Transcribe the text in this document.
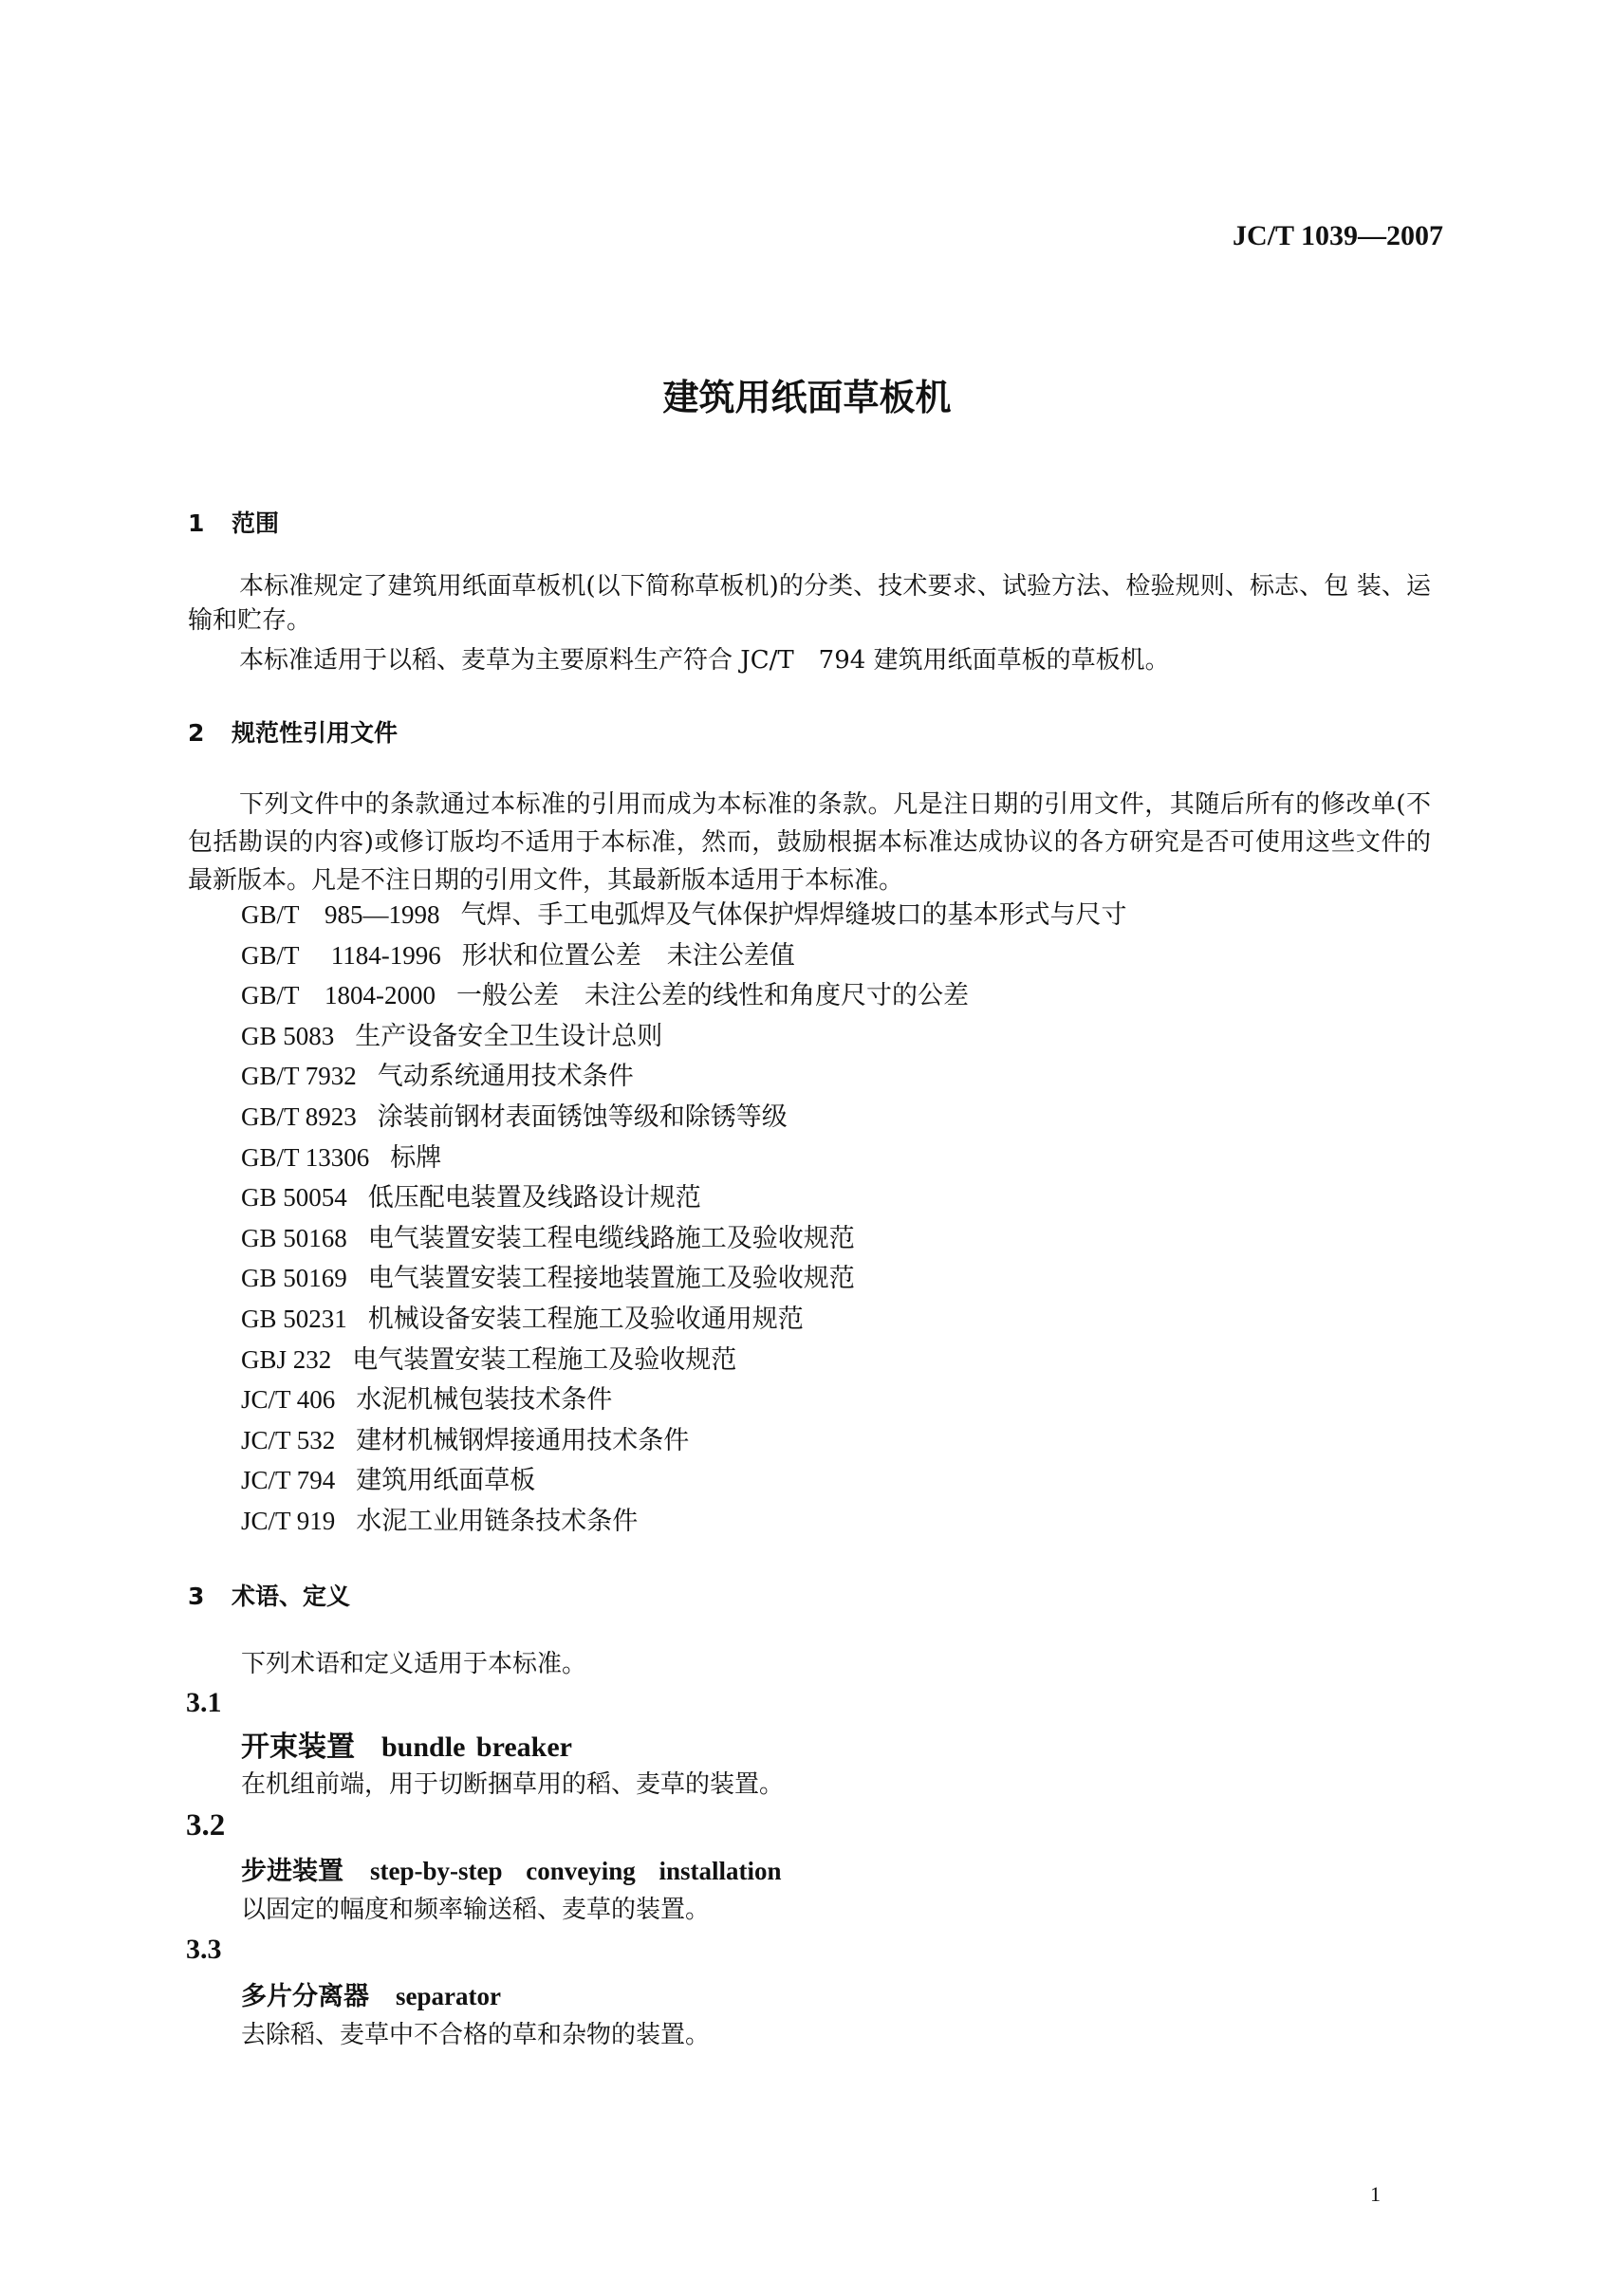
JC/T 1039—2007
建筑用纸面草板机
1 范围
本标准规定了建筑用纸面草板机(以下简称草板机)的分类、技术要求、试验方法、检验规则、标志、包 装、运输和贮存。
本标准适用于以稻、麦草为主要原料生产符合 JC/T　794 建筑用纸面草板的草板机。
2 规范性引用文件
下列文件中的条款通过本标准的引用而成为本标准的条款。凡是注日期的引用文件，其随后所有的修改单(不包括勘误的内容)或修订版均不适用于本标准，然而，鼓励根据本标准达成协议的各方研究是否可使用这些文件的最新版本。凡是不注日期的引用文件，其最新版本适用于本标准。
GB/T　985—1998 气焊、手工电弧焊及气体保护焊焊缝坡口的基本形式与尺寸
GB/T　 1184-1996 形状和位置公差　未注公差值
GB/T　1804-2000 一般公差　未注公差的线性和角度尺寸的公差
GB 5083 生产设备安全卫生设计总则
GB/T 7932 气动系统通用技术条件
GB/T 8923 涂装前钢材表面锈蚀等级和除锈等级
GB/T 13306 标牌
GB 50054 低压配电装置及线路设计规范
GB 50168 电气装置安装工程电缆线路施工及验收规范
GB 50169 电气装置安装工程接地装置施工及验收规范
GB 50231 机械设备安装工程施工及验收通用规范
GBJ 232 电气装置安装工程施工及验收规范
JC/T 406 水泥机械包装技术条件
JC/T 532 建材机械钢焊接通用技术条件
JC/T 794 建筑用纸面草板
JC/T 919 水泥工业用链条技术条件
3 术语、定义
下列术语和定义适用于本标准。
3.1
开束装置 bundle breaker
在机组前端，用于切断捆草用的稻、麦草的装置。
3.2
步进装置 step-by-step conveying installation
以固定的幅度和频率输送稻、麦草的装置。
3.3
多片分离器 separator
去除稻、麦草中不合格的草和杂物的装置。
1
